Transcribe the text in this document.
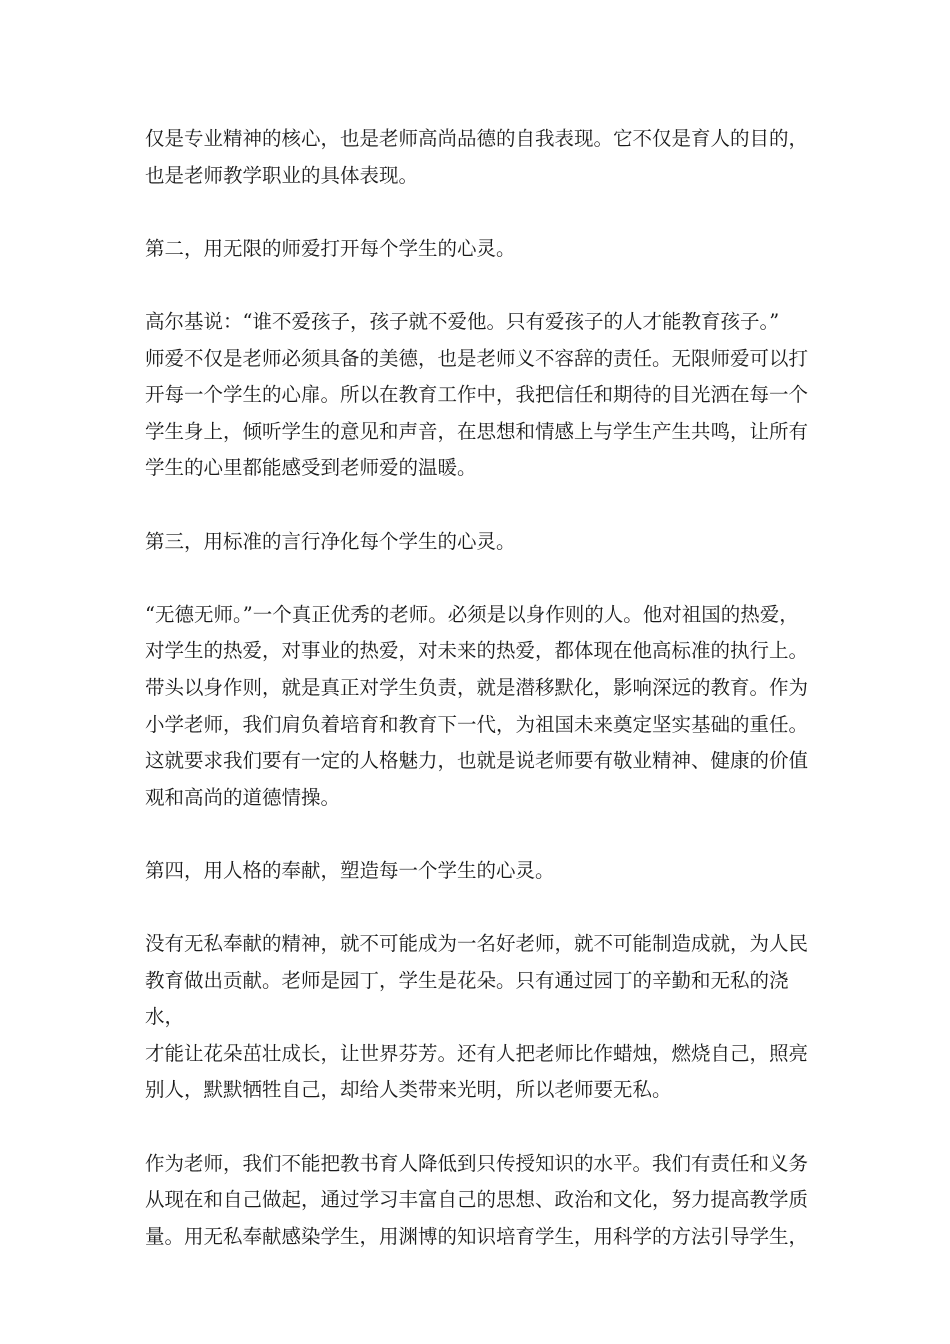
仅是专业精神的核心，也是老师高尚品德的自我表现。它不仅是育人的目的，
也是老师教学职业的具体表现。

第二，用无限的师爱打开每个学生的心灵。

高尔基说：“谁不爱孩子，孩子就不爱他。只有爱孩子的人才能教育孩子。”
师爱不仅是老师必须具备的美德，也是老师义不容辞的责任。无限师爱可以打
开每一个学生的心扉。所以在教育工作中，我把信任和期待的目光洒在每一个
学生身上，倾听学生的意见和声音，在思想和情感上与学生产生共鸣，让所有
学生的心里都能感受到老师爱的温暖。

第三，用标准的言行净化每个学生的心灵。

“无德无师。”一个真正优秀的老师。必须是以身作则的人。他对祖国的热爱，
对学生的热爱，对事业的热爱，对未来的热爱，都体现在他高标准的执行上。
带头以身作则，就是真正对学生负责，就是潜移默化，影响深远的教育。作为
小学老师，我们肩负着培育和教育下一代，为祖国未来奠定坚实基础的重任。
这就要求我们要有一定的人格魅力，也就是说老师要有敬业精神、健康的价值
观和高尚的道德情操。

第四，用人格的奉献，塑造每一个学生的心灵。

没有无私奉献的精神，就不可能成为一名好老师，就不可能制造成就，为人民
教育做出贡献。老师是园丁，学生是花朵。只有通过园丁的辛勤和无私的浇水，
才能让花朵茁壮成长，让世界芬芳。还有人把老师比作蜡烛，燃烧自己，照亮
别人，默默牺牲自己，却给人类带来光明，所以老师要无私。

作为老师，我们不能把教书育人降低到只传授知识的水平。我们有责任和义务
从现在和自己做起，通过学习丰富自己的思想、政治和文化，努力提高教学质
量。用无私奉献感染学生，用渊博的知识培育学生，用科学的方法引导学生，
